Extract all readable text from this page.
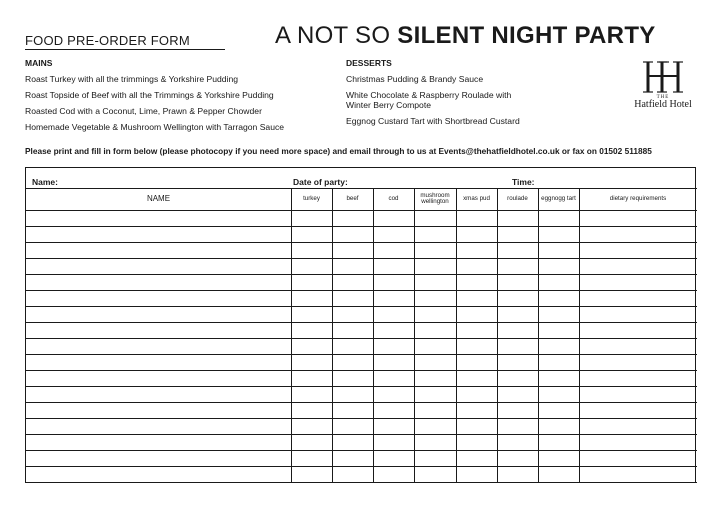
FOOD PRE-ORDER FORM	A NOT SO SILENT NIGHT PARTY
MAINS
Roast Turkey with all the trimmings & Yorkshire Pudding
Roast Topside of Beef with all the Trimmings & Yorkshire Pudding
Roasted Cod with a Coconut, Lime, Prawn & Pepper Chowder
Homemade Vegetable & Mushroom Wellington with Tarragon Sauce
DESSERTS
Christmas Pudding & Brandy Sauce
White Chocolate & Raspberry Roulade with Winter Berry Compote
Eggnog Custard Tart with Shortbread Custard
THE
Hatfield Hotel
Please print and fill in form below (please photocopy if you need more space) and email through to us at Events@thehatfieldhotel.co.uk or fax on 01502 511885
Name:	Date of party:	Time:
NAME	turkey	beef	cod	mushroom wellington	xmas pud	roulade	eggnogg tart	dietary requirements
